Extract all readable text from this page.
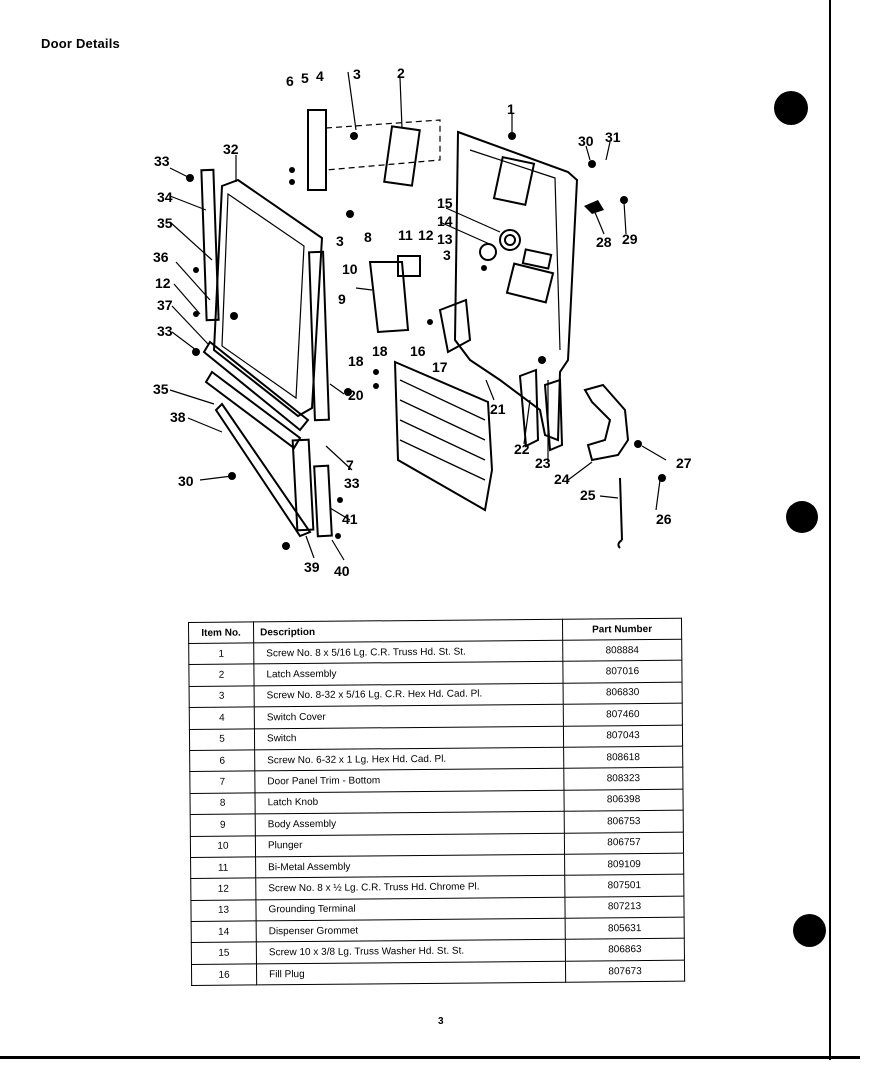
Door Details
6 5 4 3	2
1
30 31
32
33
34
35
15
14
13
3
3 8 11 12
36
10
12
9
37
33
28 29
18 16
18	17
35	20
21
38
22
7	23	27
24
30	33
25
26
41
39 40
Item No.	Description	Part Number
1	Screw No. 8 x 5/16 Lg. C.R. Truss Hd. St. St.	808884
2	Latch Assembly	807016
3	Screw No. 8-32 x 5/16 Lg. C.R. Hex Hd. Cad. Pl.	806830
4	Switch Cover	807460
5	Switch	807043
6	Screw No. 6-32 x 1 Lg. Hex Hd. Cad. Pl.	808618
7	Door Panel Trim - Bottom	808323
8	Latch Knob	806398
9	Body Assembly	806753
10	Plunger	806757
11	Bi-Metal Assembly	809109
12	Screw No. 8 x ½ Lg. C.R. Truss Hd. Chrome Pl.	807501
13	Grounding Terminal	807213
14	Dispenser Grommet	805631
15	Screw 10 x 3/8 Lg. Truss Washer Hd. St. St.	806863
16	Fill Plug	807673
3
